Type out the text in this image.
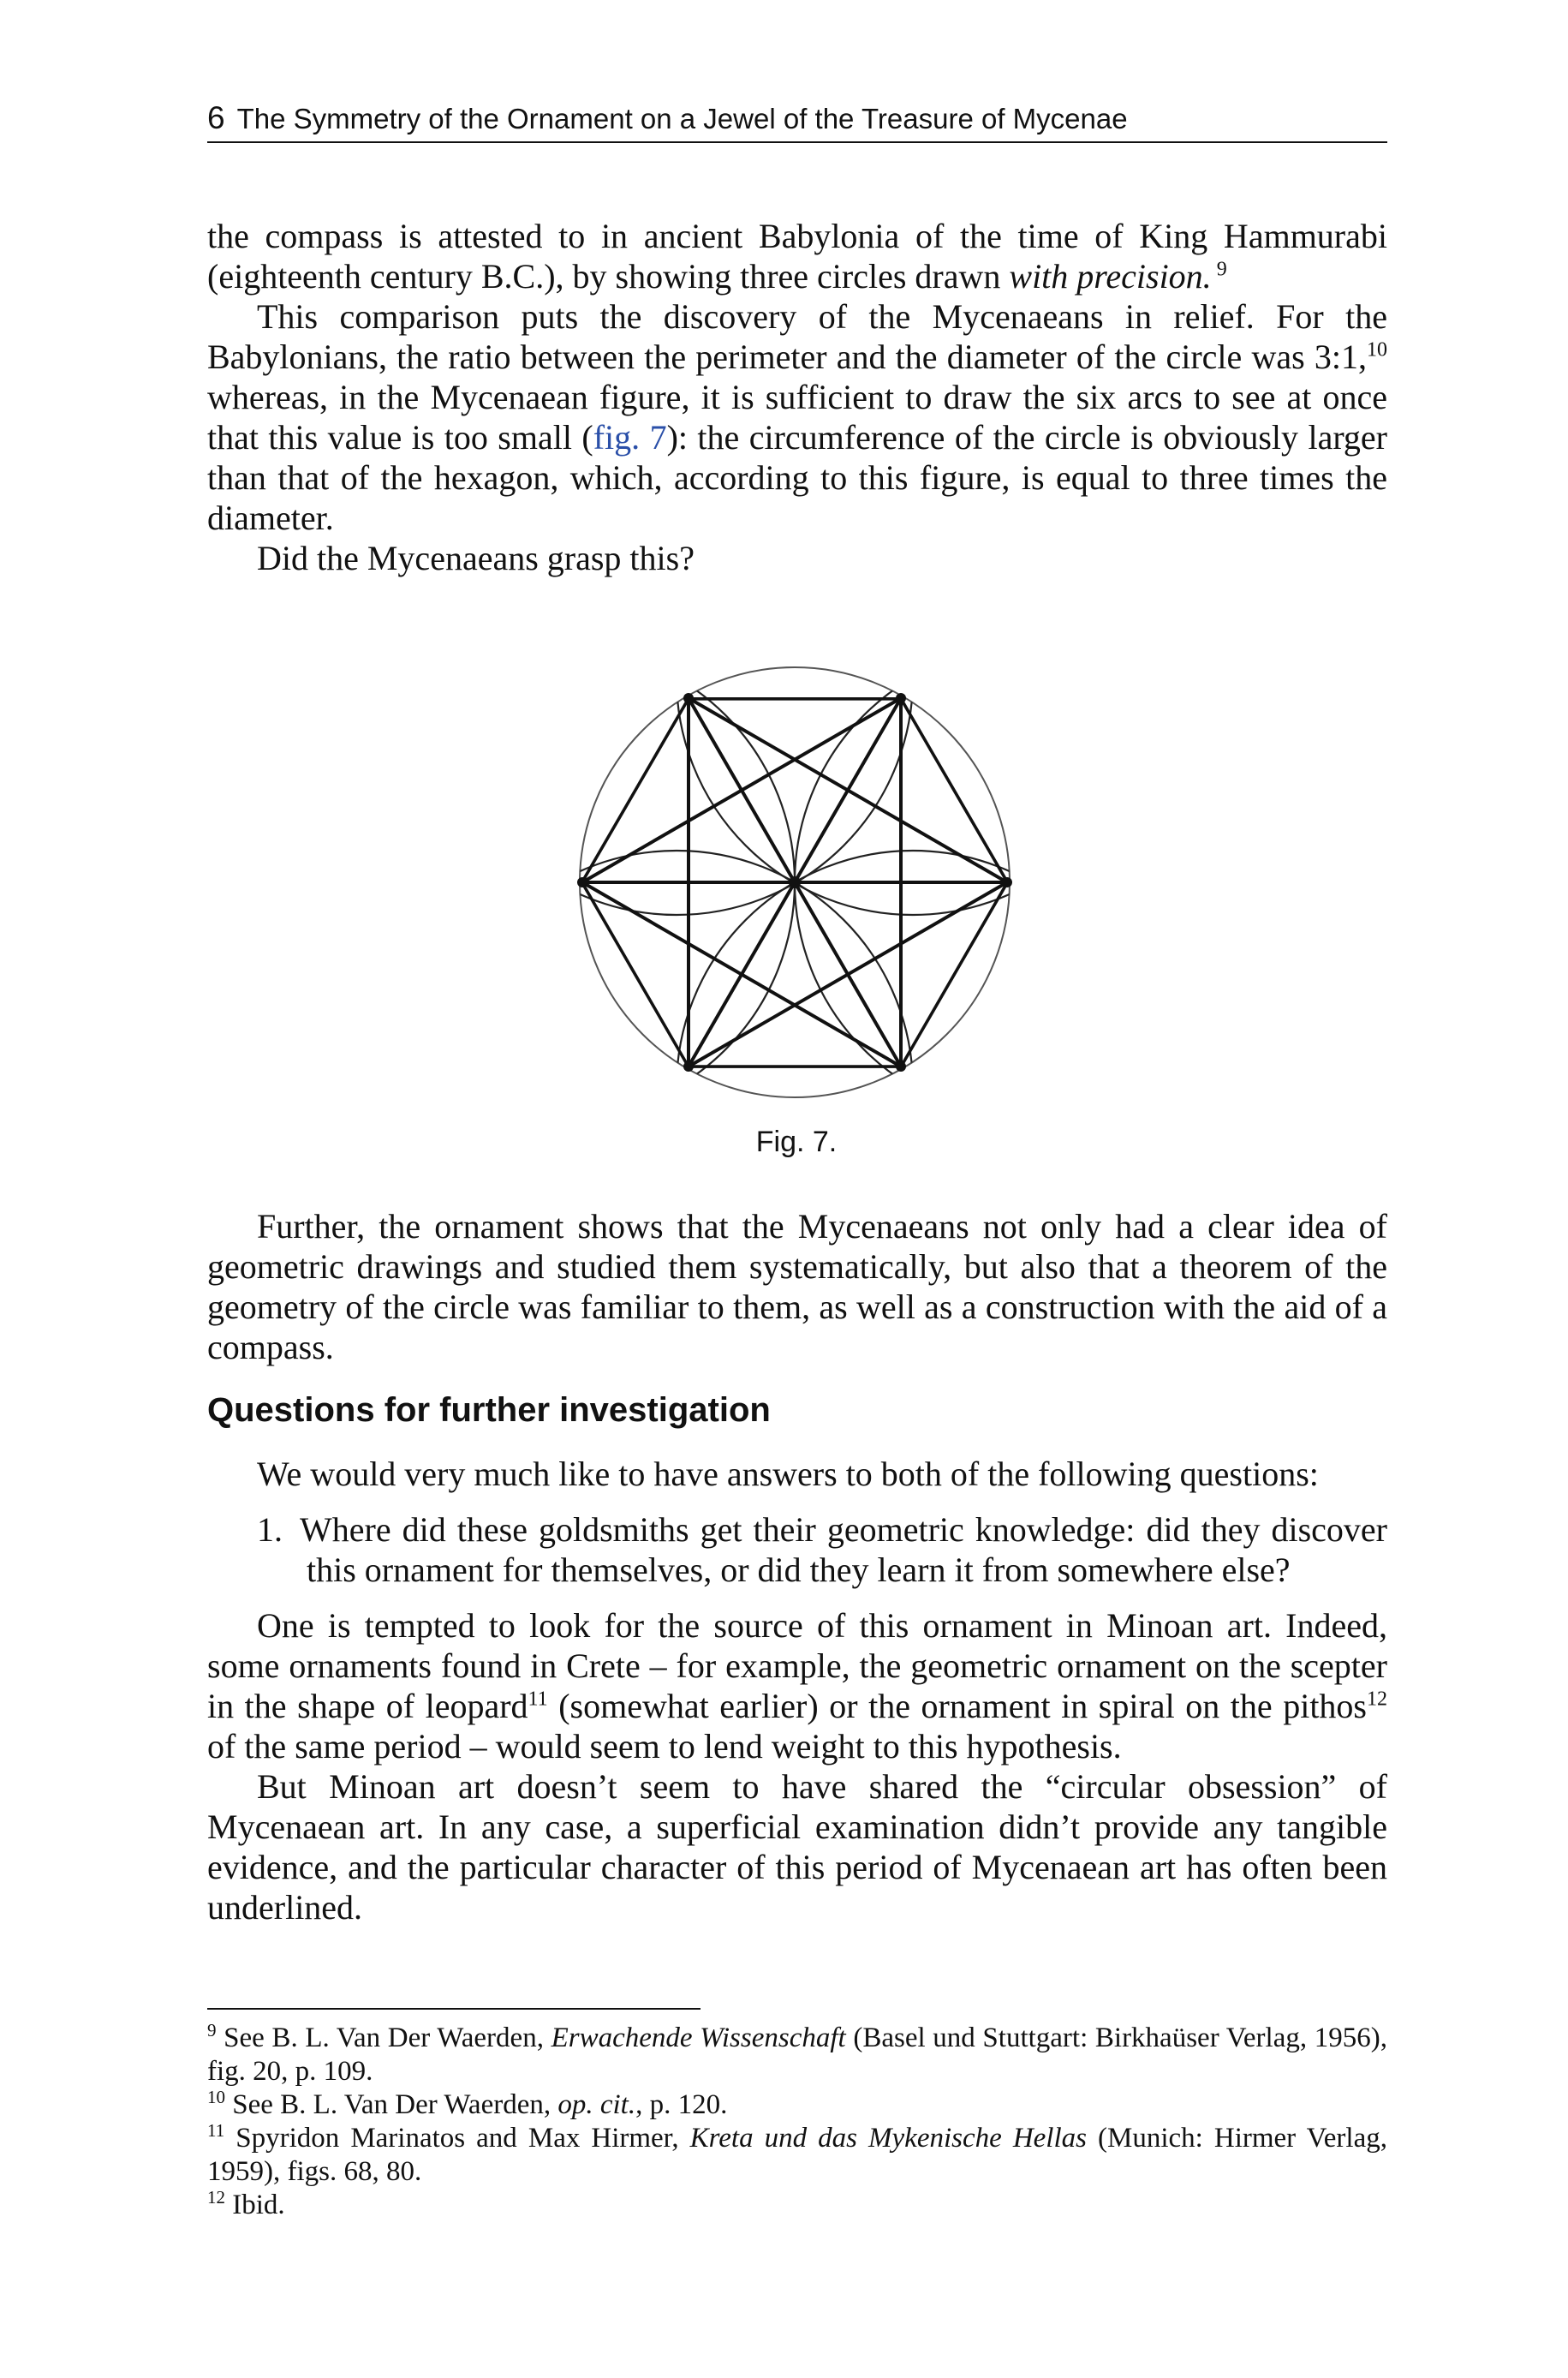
6 The Symmetry of the Ornament on a Jewel of the Treasure of Mycenae

the compass is attested to in ancient Babylonia of the time of King Hammurabi (eighteenth century B.C.), by showing three circles drawn with precision. $^9$

This comparison puts the discovery of the Mycenaeans in relief. For the Babylonians, the ratio between the perimeter and the diameter of the circle was 3:1,10 whereas, in the Mycenaean figure, it is sufficient to draw the six arcs to see at once that this value is too small (fig. 7): the circumference of the circle is obviously larger than that of the hexagon, which, according to this figure, is equal to three times the diameter.

Did the Mycenaeans grasp this?

Fig. 7.

Further, the ornament shows that the Mycenaeans not only had a clear idea of geometric drawings and studied them systematically, but also that a theorem of the geometry of the circle was familiar to them, as well as a construction with the aid of a compass.

Questions for further investigation

We would very much like to have answers to both of the following questions:

1. Where did these goldsmiths get their geometric knowledge: did they discover this ornament for themselves, or did they learn it from somewhere else?

One is tempted to look for the source of this ornament in Minoan art. Indeed, some ornaments found in Crete – for example, the geometric ornament on the scepter in the shape of leopard$^{11}$ (somewhat earlier) or the ornament in spiral on the pithos$^{12}$ of the same period – would seem to lend weight to this hypothesis.

But Minoan art doesn’t seem to have shared the “circular obsession” of Mycenaean art. In any case, a superficial examination didn’t provide any tangible evidence, and the particular character of this period of Mycenaean art has often been underlined.

$^9$ See B. L. Van Der Waerden, Erwachende Wissenschaft (Basel und Stuttgart: Birkhaüser Verlag, 1956), fig. 20, p. 109.

$^{10}$ See B. L. Van Der Waerden, op. cit., p. 120.

$^{11}$ Spyridon Marinatos and Max Hirmer, Kreta und das Mykenische Hellas (Munich: Hirmer Verlag, 1959), figs. 68, 80.

$^{12}$ Ibid.
